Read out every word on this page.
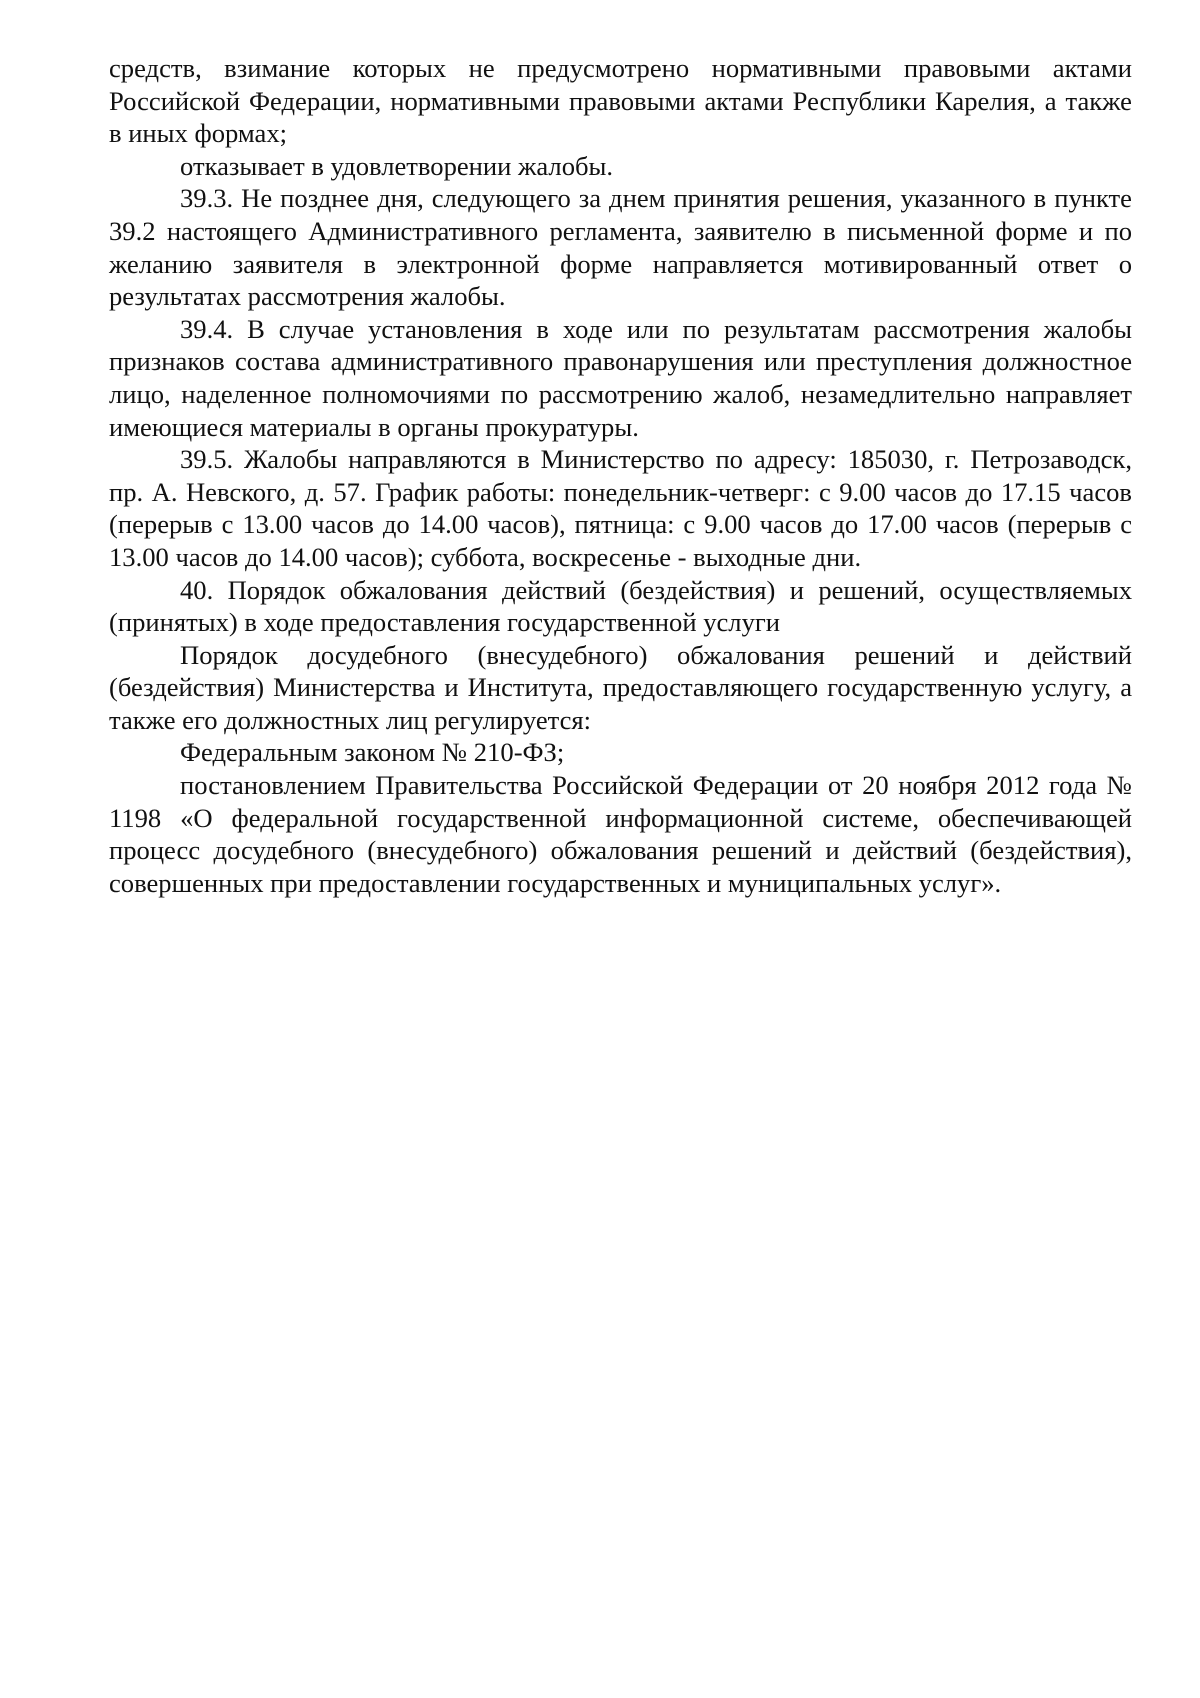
средств, взимание которых не предусмотрено нормативными правовыми актами Российской Федерации, нормативными правовыми актами Республики Карелия, а также в иных формах;

отказывает в удовлетворении жалобы.

39.3. Не позднее дня, следующего за днем принятия решения, указанного в пункте 39.2 настоящего Административного регламента, заявителю в письменной форме и по желанию заявителя в электронной форме направляется мотивированный ответ о результатах рассмотрения жалобы.

39.4. В случае установления в ходе или по результатам рассмотрения жалобы признаков состава административного правонарушения или преступления должностное лицо, наделенное полномочиями по рассмотрению жалоб, незамедлительно направляет имеющиеся материалы в органы прокуратуры.

39.5. Жалобы направляются в Министерство по адресу: 185030, г. Петрозаводск, пр. А. Невского, д. 57. График работы: понедельник-четверг: с 9.00 часов до 17.15 часов (перерыв с 13.00 часов до 14.00 часов), пятница: с 9.00 часов до 17.00 часов (перерыв с 13.00 часов до 14.00 часов); суббота, воскресенье - выходные дни.

40. Порядок обжалования действий (бездействия) и решений, осуществляемых (принятых) в ходе предоставления государственной услуги

Порядок досудебного (внесудебного) обжалования решений и действий (бездействия) Министерства и Института, предоставляющего государственную услугу, а также его должностных лиц регулируется:

Федеральным законом № 210-ФЗ;

постановлением Правительства Российской Федерации от 20 ноября 2012 года № 1198 «О федеральной государственной информационной системе, обеспечивающей процесс досудебного (внесудебного) обжалования решений и действий (бездействия), совершенных при предоставлении государственных и муниципальных услуг».
